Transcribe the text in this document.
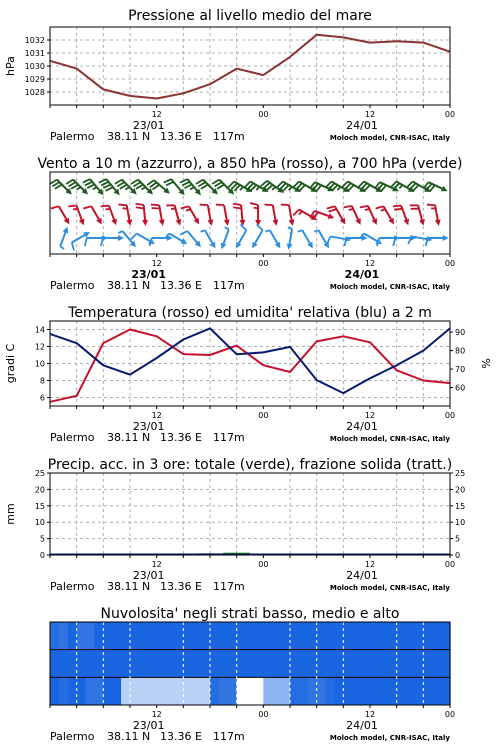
Pressione al livello medio del mare
1028
1029
1030
1031
1032
hPa
12	00	12	00
23/01	24/01
Palermo 38.11 N 13.36 E 117m	Moloch model, CNR-ISAC, Italy
Vento a 10 m (azzurro), a 850 hPa (rosso), a 700 hPa (verde)
12	00	12	00
23/01	24/01
Palermo 38.11 N 13.36 E 117m	Moloch model, CNR-ISAC, Italy
Temperatura (rosso) ed umidita' relativa (blu) a 2 m
6
8
10
12
14
60
70
80
90
gradi C	%
12	00	12	00
23/01	24/01
Palermo 38.11 N 13.36 E 117m	Moloch model, CNR-ISAC, Italy
Precip. acc. in 3 ore: totale (verde), frazione solida (tratt.)
0	0
5	5
10	10
15	15
20	20
25	25
mm
12	00	12	00
23/01	24/01
Palermo 38.11 N 13.36 E 117m	Moloch model, CNR-ISAC, Italy
Nuvolosita' negli strati basso, medio e alto
12	00	12	00
23/01	24/01
Palermo 38.11 N 13.36 E 117m	Moloch model, CNR-ISAC, Italy
